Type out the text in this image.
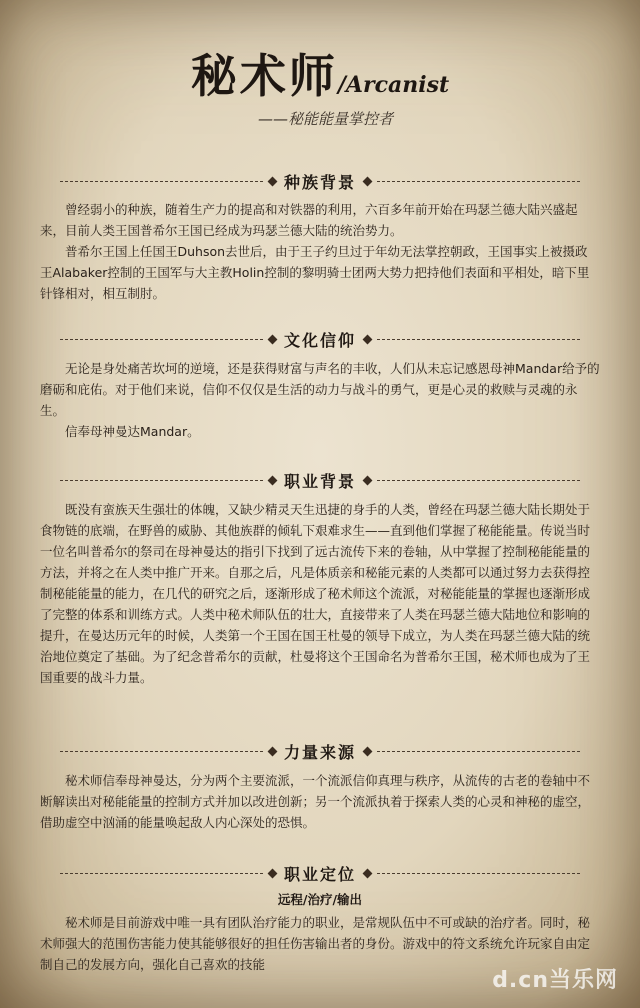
秘术师/Arcanist
——秘能能量掌控者
种族背景

曾经弱小的种族，随着生产力的提高和对铁器的利用，六百多年前开始在玛瑟兰德大陆兴盛起来，目前人类王国普希尔王国已经成为玛瑟兰德大陆的统治势力。

普希尔王国上任国王Duhson去世后，由于王子约旦过于年幼无法掌控朝政，王国事实上被摄政王Alabaker控制的王国军与大主教Holin控制的黎明骑士团两大势力把持他们表面和平相处，暗下里针锋相对，相互制肘。

文化信仰

无论是身处痛苦坎坷的逆境，还是获得财富与声名的丰收，人们从未忘记感恩母神Mandar给予的磨砺和庇佑。对于他们来说，信仰不仅仅是生活的动力与战斗的勇气，更是心灵的救赎与灵魂的永生。

信奉母神曼达Mandar。

职业背景

既没有蛮族天生强壮的体魄，又缺少精灵天生迅捷的身手的人类，曾经在玛瑟兰德大陆长期处于食物链的底端，在野兽的威胁、其他族群的倾轧下艰难求生——直到他们掌握了秘能能量。传说当时一位名叫普希尔的祭司在母神曼达的指引下找到了远古流传下来的卷轴，从中掌握了控制秘能能量的方法，并将之在人类中推广开来。自那之后，凡是体质亲和秘能元素的人类都可以通过努力去获得控制秘能能量的能力，在几代的研究之后，逐渐形成了秘术师这个流派，对秘能能量的掌握也逐渐形成了完整的体系和训练方式。人类中秘术师队伍的壮大，直接带来了人类在玛瑟兰德大陆地位和影响的提升，在曼达历元年的时候，人类第一个王国在国王杜曼的领导下成立，为人类在玛瑟兰德大陆的统治地位奠定了基础。为了纪念普希尔的贡献，杜曼将这个王国命名为普希尔王国，秘术师也成为了王国重要的战斗力量。

力量来源

秘术师信奉母神曼达，分为两个主要流派，一个流派信仰真理与秩序，从流传的古老的卷轴中不断解读出对秘能能量的控制方式并加以改进创新；另一个流派执着于探索人类的心灵和神秘的虚空，借助虚空中汹涌的能量唤起敌人内心深处的恐惧。

职业定位
远程/治疗/输出

秘术师是目前游戏中唯一具有团队治疗能力的职业，是常规队伍中不可或缺的治疗者。同时，秘术师强大的范围伤害能力使其能够很好的担任伤害输出者的身份。游戏中的符文系统允许玩家自由定制自己的发展方向，强化自己喜欢的技能

d.cn当乐网
